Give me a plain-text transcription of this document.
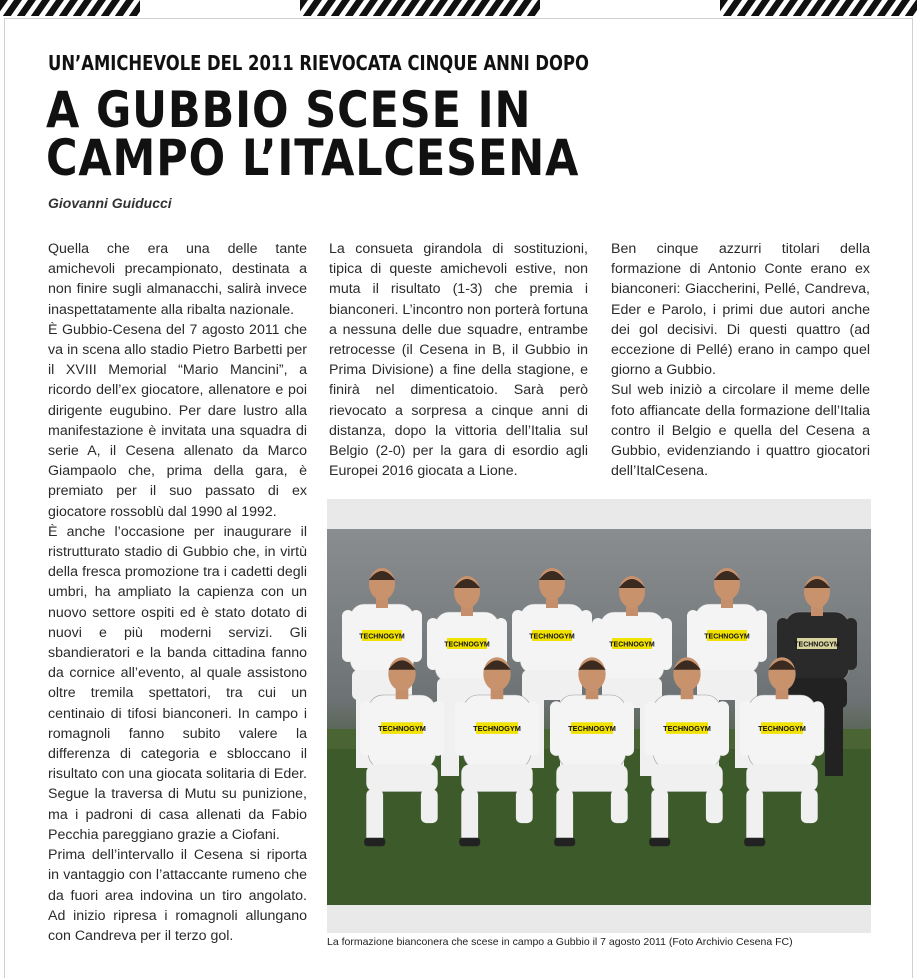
UN’AMICHEVOLE DEL 2011 RIEVOCATA CINQUE ANNI DOPO
A GUBBIO SCESE IN
CAMPO L’ITALCESENA
Giovanni Guiducci

Quella che era una delle tante amichevoli precampionato, destinata a non finire sugli almanacchi, salirà invece inaspettatamente alla ribalta nazionale.

È Gubbio-Cesena del 7 agosto 2011 che va in scena allo stadio Pietro Barbetti per il XVIII Memorial “Mario Mancini”, a ricordo dell’ex giocatore, allenatore e poi dirigente eugubino. Per dare lustro alla manifestazione è invitata una squadra di serie A, il Cesena allenato da Marco Giampaolo che, prima della gara, è premiato per il suo passato di ex giocatore rossoblù dal 1990 al 1992.

È anche l’occasione per inaugurare il ristrutturato stadio di Gubbio che, in virtù della fresca promozione tra i cadetti degli umbri, ha ampliato la capienza con un nuovo settore ospiti ed è stato dotato di nuovi e più moderni servizi. Gli sbandieratori e la banda cittadina fanno da cornice all’evento, al quale assistono oltre tremila spettatori, tra cui un centinaio di tifosi bianconeri. In campo i romagnoli fanno subito valere la differenza di categoria e sbloccano il risultato con una giocata solitaria di Eder. Segue la traversa di Mutu su punizione, ma i padroni di casa allenati da Fabio Pecchia pareggiano grazie a Ciofani.

Prima dell’intervallo il Cesena si riporta in vantaggio con l’attaccante rumeno che da fuori area indovina un tiro angolato. Ad inizio ripresa i romagnoli allungano con Candreva per il terzo gol.

La consueta girandola di sostituzioni, tipica di queste amichevoli estive, non muta il risultato (1-3) che premia i bianconeri. L’incontro non porterà fortuna a nessuna delle due squadre, entrambe retrocesse (il Cesena in B, il Gubbio in Prima Divisione) a fine della stagione, e finirà nel dimenticatoio. Sarà però rievocato a sorpresa a cinque anni di distanza, dopo la vittoria dell’Italia sul Belgio (2-0) per la gara di esordio agli Europei 2016 giocata a Lione.

Ben cinque azzurri titolari della formazione di Antonio Conte erano ex bianconeri: Giaccherini, Pellé, Candreva, Eder e Parolo, i primi due autori anche dei gol decisivi. Di questi quattro (ad eccezione di Pellé) erano in campo quel giorno a Gubbio.

Sul web iniziò a circolare il meme delle foto affiancate della formazione dell’Italia contro il Belgio e quella del Cesena a Gubbio, evidenziando i quattro giocatori dell’ItalCesena.

TECHNOGYM
TECHNOGYM
TECHNOGYM
TECHNOGYM
TECHNOGYM
TECHNOGYM
TECHNOGYM	TECHNOGYM	TECHNOGYM	TECHNOGYM	TECHNOGYM
La formazione bianconera che scese in campo a Gubbio il 7 agosto 2011 (Foto Archivio Cesena FC)
